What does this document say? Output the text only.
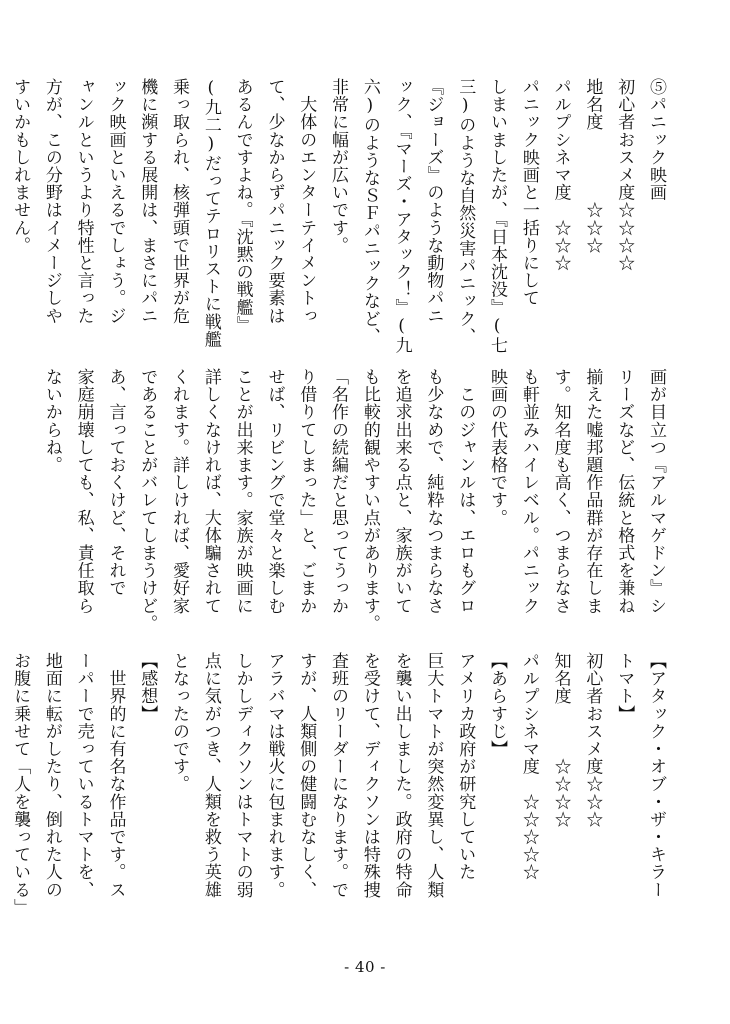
⑤パニック映画
初心者おスメ度☆☆☆☆
地名度　　　　☆☆☆
パルプシネマ度　☆☆☆
パニック映画と一括りにして
しまいましたが、『日本沈没』(七
三)のような自然災害パニック、
『ジョーズ』のような動物パニ
ック、『マーズ・アタック！』(九
六)のようなＳＦパニックなど、
非常に幅が広いです。
　大体のエンターテイメントっ
て、少なからずパニック要素は
あるんですよね。『沈黙の戦艦』
(九二)だってテロリストに戦艦
乗っ取られ、核弾頭で世界が危
機に瀕する展開は、まさにパニ
ック映画といえるでしょう。ジ
ャンルというより特性と言った
方が、この分野はイメージしや
すいかもしれません。
画が目立つ『アルマゲドン』シ
リーズなど、伝統と格式を兼ね
揃えた嘘邦題作品群が存在しま
す。知名度も高く、つまらなさ
も軒並みハイレベル。パニック
映画の代表格です。
　このジャンルは、エロもグロ
も少なめで、純粋なつまらなさ
を追求出来る点と、家族がいて
も比較的観やすい点があります。
「名作の続編だと思ってうっか
り借りてしまった」と、ごまか
せば、リビングで堂々と楽しむ
ことが出来ます。家族が映画に
詳しくなければ、大体騙されて
くれます。詳しければ、愛好家
であることがバレてしまうけど。
あ、言っておくけど、それで
家庭崩壊しても、私、責任取ら
ないからね。
【アタック・オブ・ザ・キラー
トマト】
初心者おスメ度☆☆☆
知名度　　　☆☆☆☆
パルプシネマ度　☆☆☆☆☆
【あらすじ】
アメリカ政府が研究していた
巨大トマトが突然変異し、人類
を襲い出しました。政府の特命
を受けて、ディクソンは特殊捜
査班のリーダーになります。で
すが、人類側の健闘むなしく、
アラバマは戦火に包まれます。
しかしディクソンはトマトの弱
点に気がつき、人類を救う英雄
となったのです。
【感想】
　世界的に有名な作品です。ス
ーパーで売っているトマトを、
地面に転がしたり、倒れた人の
お腹に乗せて「人を襲っている」
- 40 -
